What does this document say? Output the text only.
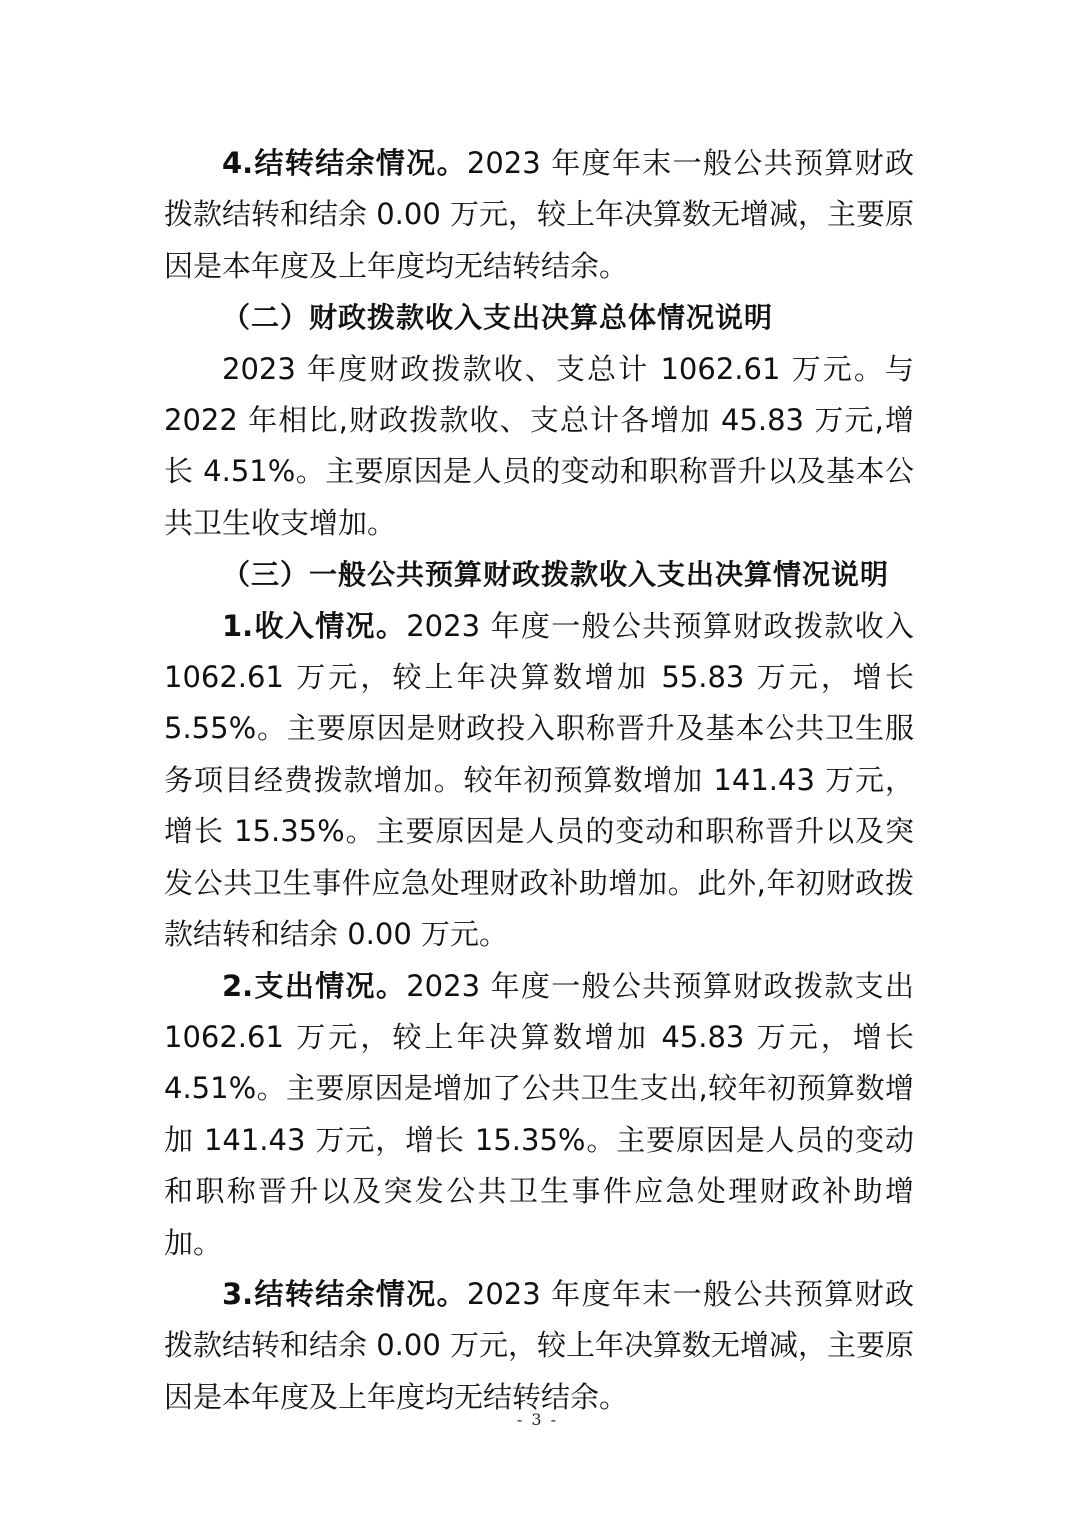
4.结转结余情况。2023 年度年末一般公共预算财政拨款结转和结余 0.00 万元，较上年决算数无增减，主要原因是本年度及上年度均无结转结余。

（二）财政拨款收入支出决算总体情况说明

2023 年度财政拨款收、支总计 1062.61 万元。与 2022 年相比,财政拨款收、支总计各增加 45.83 万元,增长 4.51%。主要原因是人员的变动和职称晋升以及基本公共卫生收支增加。

（三）一般公共预算财政拨款收入支出决算情况说明

1.收入情况。2023 年度一般公共预算财政拨款收入 1062.61 万元，较上年决算数增加 55.83 万元，增长 5.55%。主要原因是财政投入职称晋升及基本公共卫生服务项目经费拨款增加。较年初预算数增加 141.43 万元，增长 15.35%。主要原因是人员的变动和职称晋升以及突发公共卫生事件应急处理财政补助增加。此外,年初财政拨款结转和结余 0.00 万元。

2.支出情况。2023 年度一般公共预算财政拨款支出 1062.61 万元，较上年决算数增加 45.83 万元，增长 4.51%。主要原因是增加了公共卫生支出,较年初预算数增加 141.43 万元，增长 15.35%。主要原因是人员的变动和职称晋升以及突发公共卫生事件应急处理财政补助增加。

3.结转结余情况。2023 年度年末一般公共预算财政拨款结转和结余 0.00 万元，较上年决算数无增减，主要原因是本年度及上年度均无结转结余。

- 3 -
